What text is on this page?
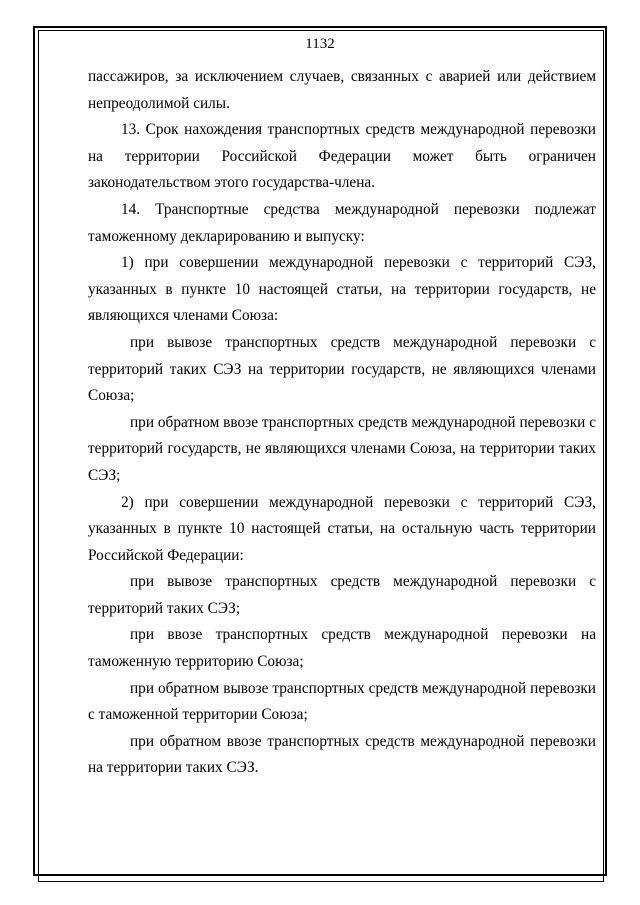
1132

пассажиров, за исключением случаев, связанных с аварией или действием непреодолимой силы.

13. Срок нахождения транспортных средств международной перевозки на территории Российской Федерации может быть ограничен законодательством этого государства-члена.

14. Транспортные средства международной перевозки подлежат таможенному декларированию и выпуску:

1) при совершении международной перевозки с территорий СЭЗ, указанных в пункте 10 настоящей статьи, на территории государств, не являющихся членами Союза:

при вывозе транспортных средств международной перевозки с территорий таких СЭЗ на территории государств, не являющихся членами Союза;

при обратном ввозе транспортных средств международной перевозки с территорий государств, не являющихся членами Союза, на территории таких СЭЗ;

2) при совершении международной перевозки с территорий СЭЗ, указанных в пункте 10 настоящей статьи, на остальную часть территории Российской Федерации:

при вывозе транспортных средств международной перевозки с территорий таких СЭЗ;

при ввозе транспортных средств международной перевозки на таможенную территорию Союза;

при обратном вывозе транспортных средств международной перевозки с таможенной территории Союза;

при обратном ввозе транспортных средств международной перевозки на территории таких СЭЗ.
